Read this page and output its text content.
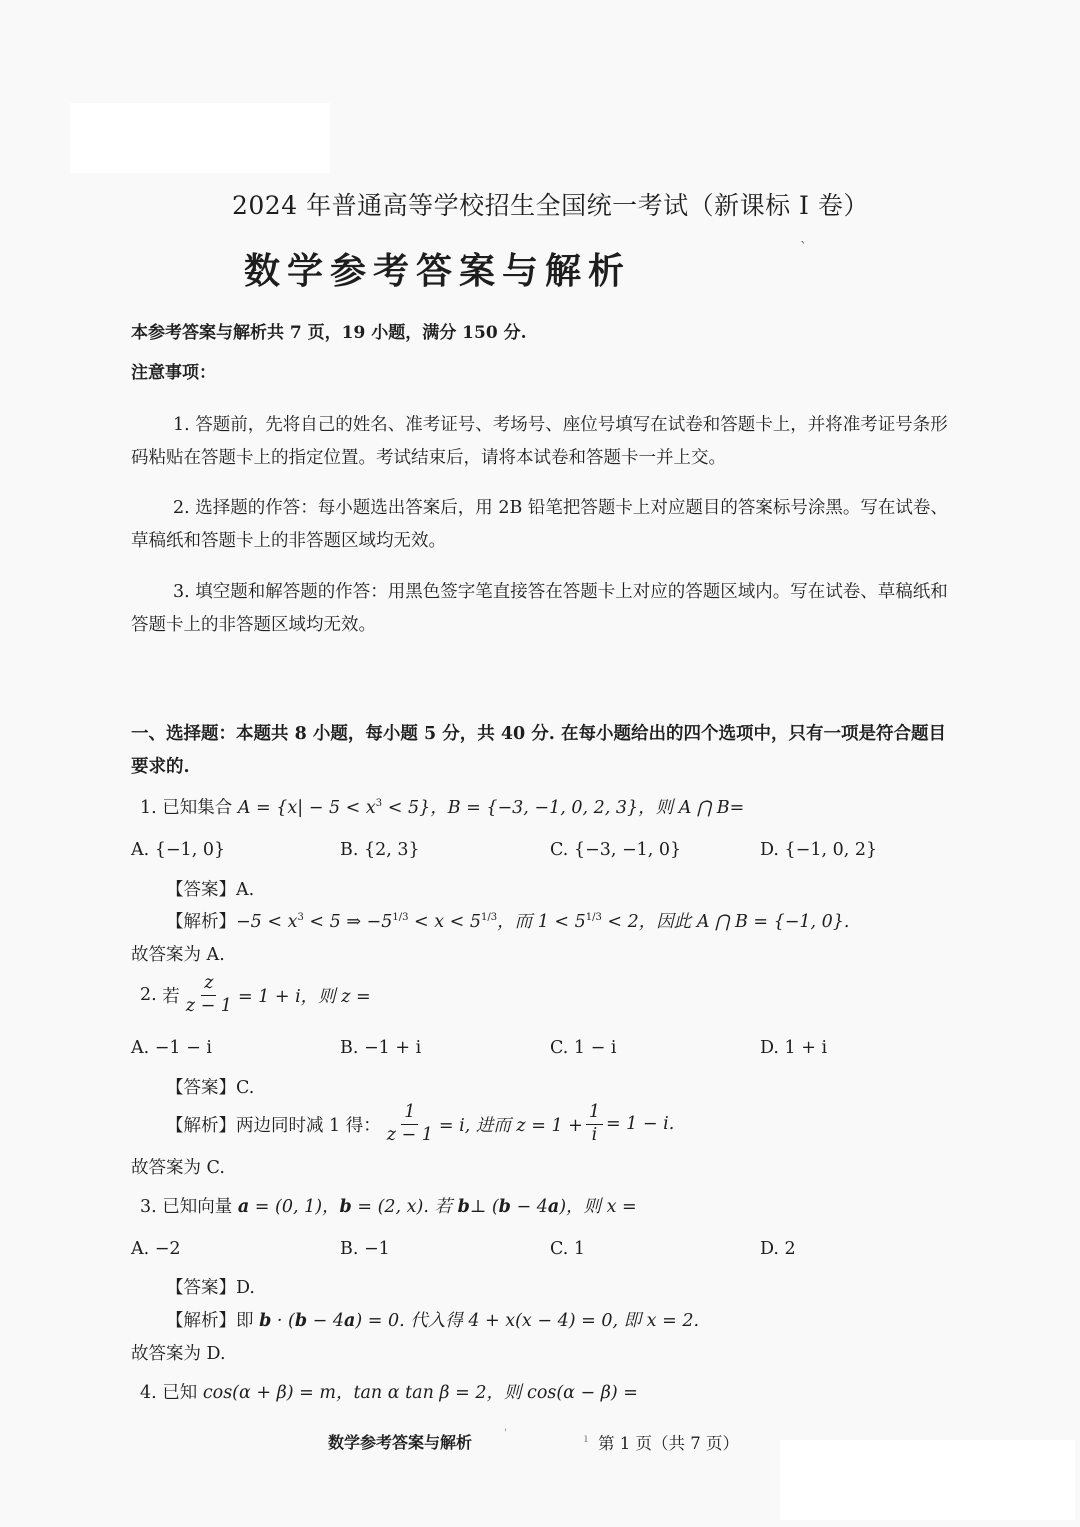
2024 年普通高等学校招生全国统一考试（新课标 I 卷）
数学参考答案与解析
`
本参考答案与解析共 7 页，19 小题，满分 150 分.
注意事项：
1. 答题前，先将自己的姓名、准考证号、考场号、座位号填写在试卷和答题卡上，并将准考证号条形码粘贴在答题卡上的指定位置。考试结束后，请将本试卷和答题卡一并上交。
2. 选择题的作答：每小题选出答案后，用 2B 铅笔把答题卡上对应题目的答案标号涂黑。写在试卷、草稿纸和答题卡上的非答题区域均无效。
3. 填空题和解答题的作答：用黑色签字笔直接答在答题卡上对应的答题区域内。写在试卷、草稿纸和答题卡上的非答题区域均无效。
一、选择题：本题共 8 小题，每小题 5 分，共 40 分. 在每小题给出的四个选项中，只有一项是符合题目要求的.
1. 已知集合 $A = \{x| - 5 < x^3 < 5\}$，B = {−3, −1, 0, 2, 3}，则 A ⋂ B=
A. {−1, 0}	B. {2, 3}	C. {−3, −1, 0}	D. {−1, 0, 2}
【答案】A.
【解析】$-5 < x^3 < 5$ ⇒ $-5^{1/3} < x < 5^{1/3}$，而 $1 < 5^{1/3} < 2$，因此 A ⋂ B = {−1, 0}.
故答案为 A.
2.
若 $\frac{z}{z - 1} = 1 + i$，则 z =
A. −1 − i	B. −1 + i	C. 1 − i	D. 1 + i
【答案】C.
【解析】 两边同时减 1 得： $\frac{1}{z - 1} = i$, 进而 $z = 1 + \frac{1}{i} = 1 - i$.
故答案为 C.
3. 已知向量 a = (0, 1)，b = (2, x). 若 b⊥ (b − 4a)，则 x =
A. −2	B. −1	C. 1	D. 2
【答案】D.
【解析】即 b · (b − 4a) = 0. 代入得 4 + x(x − 4) = 0, 即 x = 2.
故答案为 D.
4. 已知 cos(α + β) = m，tan α tan β = 2，则 cos(α − β) =
数学参考答案与解析	'	ı 第 1 页（共 7 页）
